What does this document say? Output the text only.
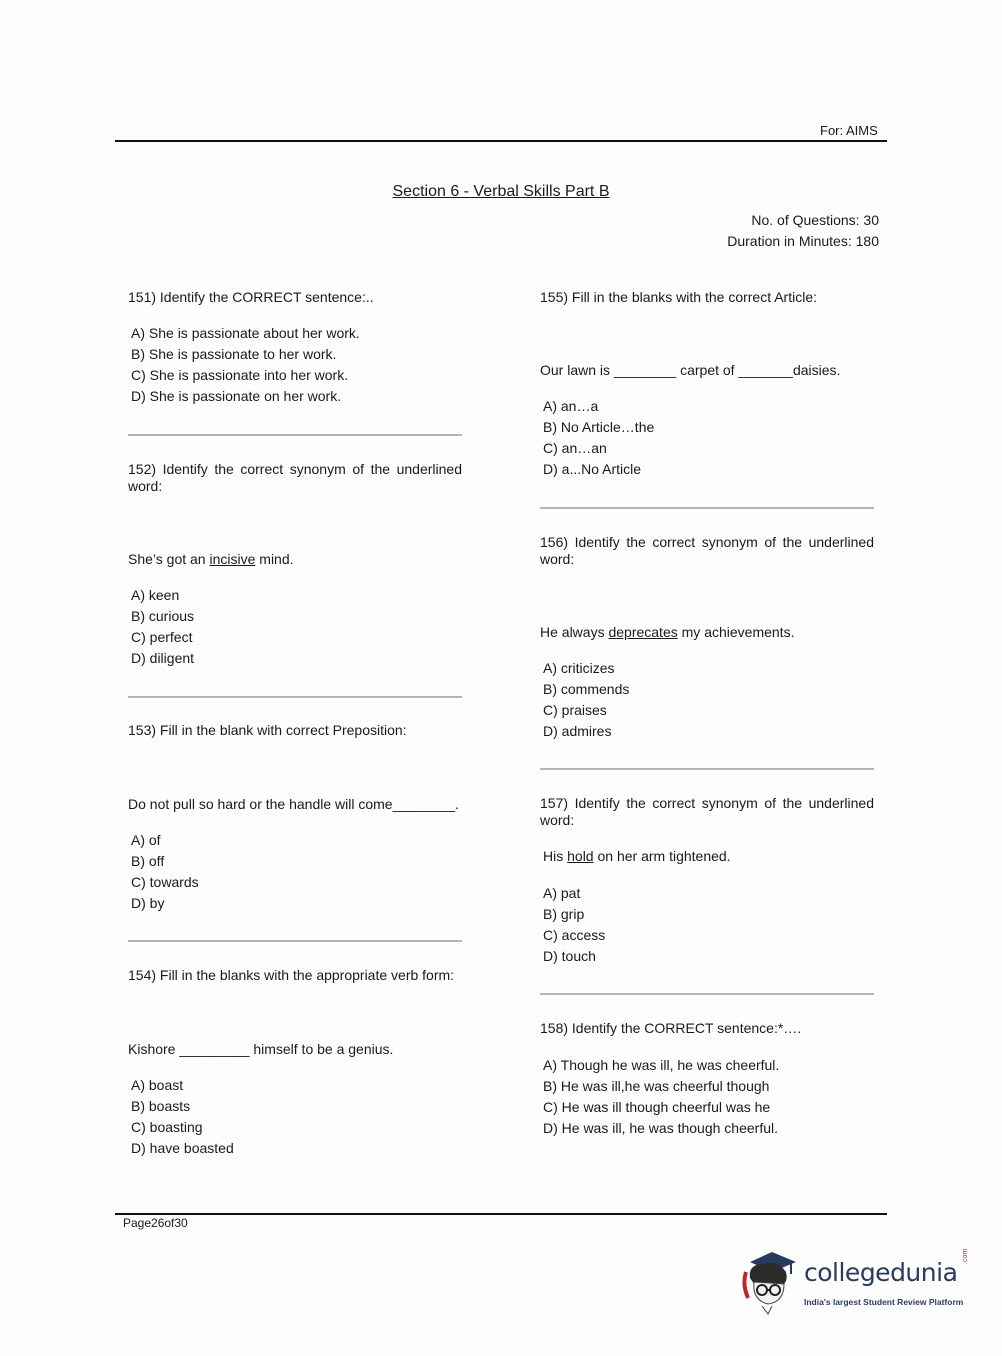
For: AIMS
Section 6 - Verbal Skills Part B
No. of Questions: 30
Duration in Minutes: 180
151) Identify the CORRECT sentence:..
A) She is passionate about her work.
B) She is passionate to her work.
C) She is passionate into her work.
D) She is passionate on her work.
152) Identify the correct synonym of the underlined word:
She’s got an incisive mind.
A) keen
B) curious
C) perfect
D) diligent
153) Fill in the blank with correct Preposition:
Do not pull so hard or the handle will come________.
A) of
B) off
C) towards
D) by
154) Fill in the blanks with the appropriate verb form:
Kishore _________ himself to be a genius.
A) boast
B) boasts
C) boasting
D) have boasted
155) Fill in the blanks with the correct Article:
Our lawn is ________ carpet of _______daisies.
A) an…a
B) No Article…the
C) an…an
D) a...No Article
156) Identify the correct synonym of the underlined word:
He always deprecates my achievements.
A) criticizes
B) commends
C) praises
D) admires
157) Identify the correct synonym of the underlined word:
His hold on her arm tightened.
A) pat
B) grip
C) access
D) touch
158) Identify the CORRECT sentence:*….
A) Though he was ill, he was cheerful.
B) He was ill,he was cheerful though
C) He was ill though cheerful was he
D) He was ill, he was though cheerful.
Page26of30
collegedunia
.com
India's largest Student Review Platform
